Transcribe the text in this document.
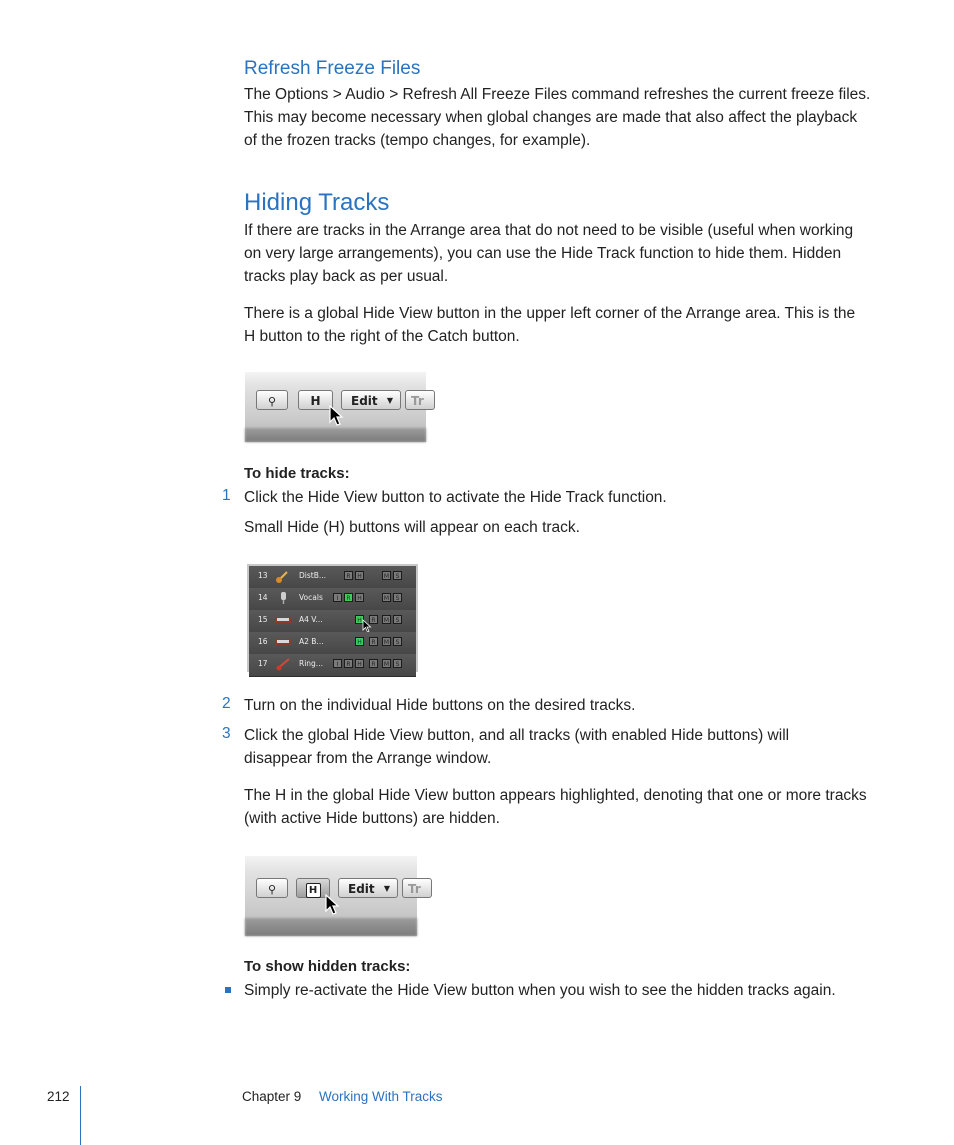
Refresh Freeze Files

The Options > Audio > Refresh All Freeze Files command refreshes the current freeze files. This may become necessary when global changes are made that also affect the playback of the frozen tracks (tempo changes, for example).

Hiding Tracks

If there are tracks in the Arrange area that do not need to be visible (useful when working on very large arrangements), you can use the Hide Track function to hide them. Hidden tracks play back as per usual.

There is a global Hide View button in the upper left corner of the Arrange area. This is the H button to the right of the Catch button.

⚲	H	Edit ▼	Tr
To hide tracks:
1 Click the Hide View button to activate the Hide Track function.

Small Hide (H) buttons will appear on each track.

13	DistB...	R	H	M	S
14	Vocals	I	R	H	M	S
15	A4 V...	H	R	M	S
16	A2 B...	H	R	M	S
17	Ring...	I	R	H	R	M	S
2 Turn on the individual Hide buttons on the desired tracks.

3 Click the global Hide View button, and all tracks (with enabled Hide buttons) will disappear from the Arrange window.

The H in the global Hide View button appears highlighted, denoting that one or more tracks (with active Hide buttons) are hidden.

⚲	H	Edit ▼	Tr
To show hidden tracks:

Simply re-activate the Hide View button when you wish to see the hidden tracks again.

212	Chapter 9 Working With Tracks
